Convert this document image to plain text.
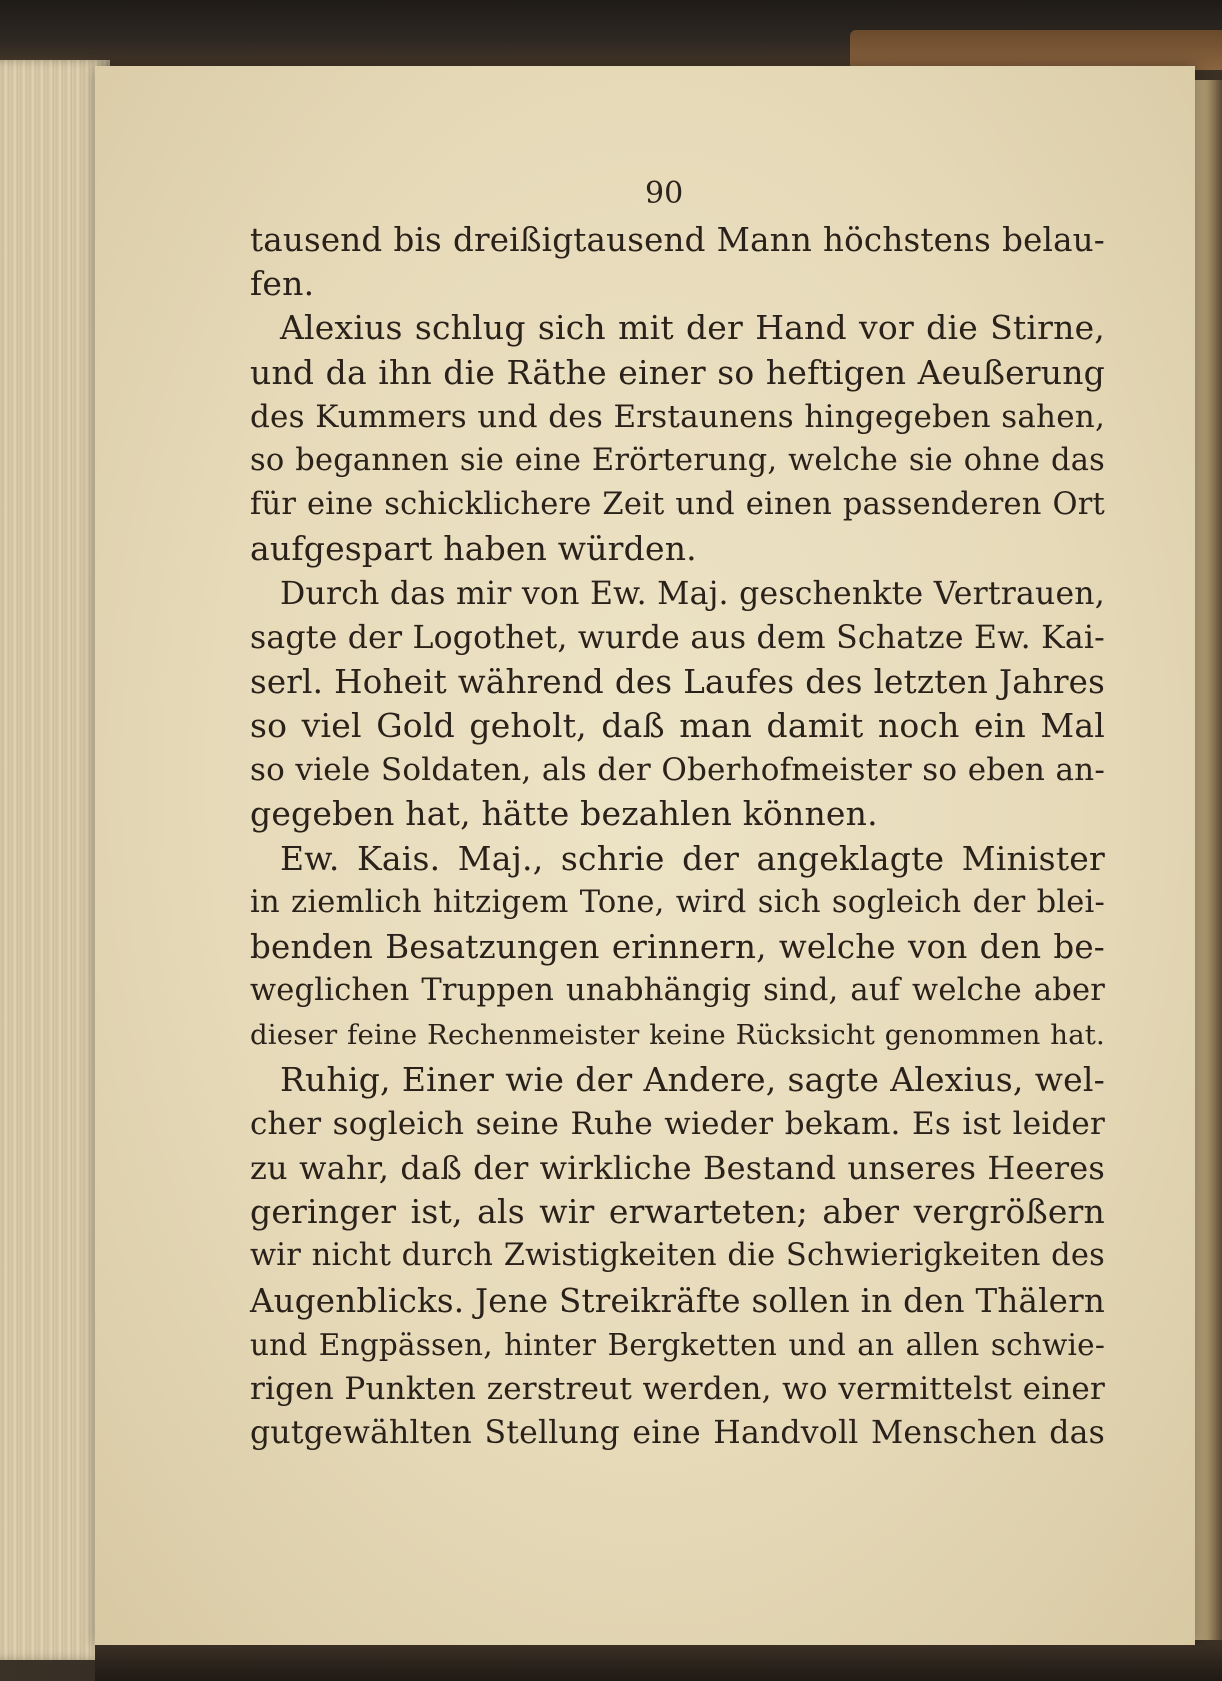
90
tausend bis dreißigtausend Mann höchstens belau-
fen.
Alexius schlug sich mit der Hand vor die Stirne,
und da ihn die Räthe einer so heftigen Aeußerung
des Kummers und des Erstaunens hingegeben sahen,
so begannen sie eine Erörterung, welche sie ohne das
für eine schicklichere Zeit und einen passenderen Ort
aufgespart haben würden.
Durch das mir von Ew. Maj. geschenkte Vertrauen,
sagte der Logothet, wurde aus dem Schatze Ew. Kai-
serl. Hoheit während des Laufes des letzten Jahres
so viel Gold geholt, daß man damit noch ein Mal
so viele Soldaten, als der Oberhofmeister so eben an-
gegeben hat, hätte bezahlen können.
Ew. Kais. Maj., schrie der angeklagte Minister
in ziemlich hitzigem Tone, wird sich sogleich der blei-
benden Besatzungen erinnern, welche von den be-
weglichen Truppen unabhängig sind, auf welche aber
dieser feine Rechenmeister keine Rücksicht genommen hat.
Ruhig, Einer wie der Andere, sagte Alexius, wel-
cher sogleich seine Ruhe wieder bekam. Es ist leider
zu wahr, daß der wirkliche Bestand unseres Heeres
geringer ist, als wir erwarteten; aber vergrößern
wir nicht durch Zwistigkeiten die Schwierigkeiten des
Augenblicks. Jene Streikräfte sollen in den Thälern
und Engpässen, hinter Bergketten und an allen schwie-
rigen Punkten zerstreut werden, wo vermittelst einer
gutgewählten Stellung eine Handvoll Menschen das
